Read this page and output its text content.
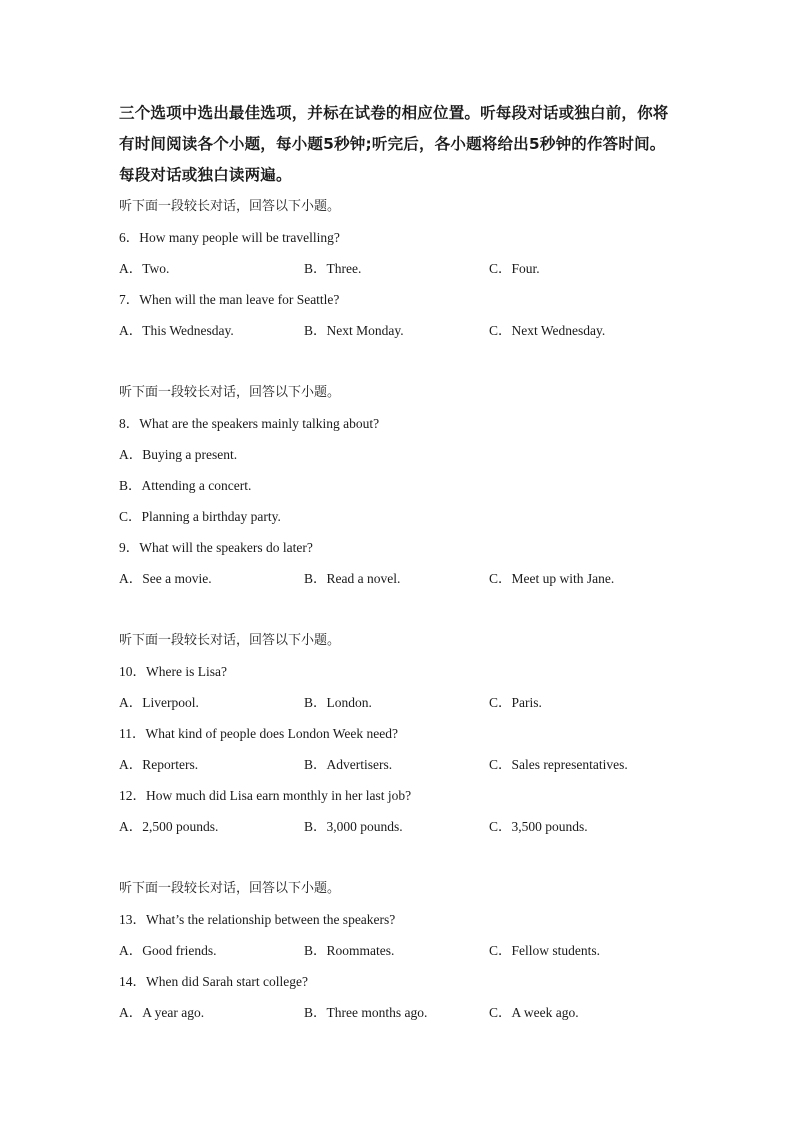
三个选项中选出最佳选项，并标在试卷的相应位置。听每段对话或独白前，你将有时间阅读各个小题，每小题5秒钟;听完后，各小题将给出5秒钟的作答时间。每段对话或独白读两遍。

听下面一段较长对话，回答以下小题。
6．How many people will be travelling?
A．Two.	B．Three.	C．Four.
7．When will the man leave for Seattle?
A．This Wednesday.	B．Next Monday.	C．Next Wednesday.
听下面一段较长对话，回答以下小题。
8．What are the speakers mainly talking about?
A．Buying a present.
B．Attending a concert.
C．Planning a birthday party.
9．What will the speakers do later?
A．See a movie.	B．Read a novel.	C．Meet up with Jane.
听下面一段较长对话，回答以下小题。
10．Where is Lisa?
A．Liverpool.	B．London.	C．Paris.
11．What kind of people does London Week need?
A．Reporters.	B．Advertisers.	C．Sales representatives.
12．How much did Lisa earn monthly in her last job?
A．2,500 pounds.	B．3,000 pounds.	C．3,500 pounds.
听下面一段较长对话，回答以下小题。
13．What’s the relationship between the speakers?
A．Good friends.	B．Roommates.	C．Fellow students.
14．When did Sarah start college?
A．A year ago.	B．Three months ago.	C．A week ago.
